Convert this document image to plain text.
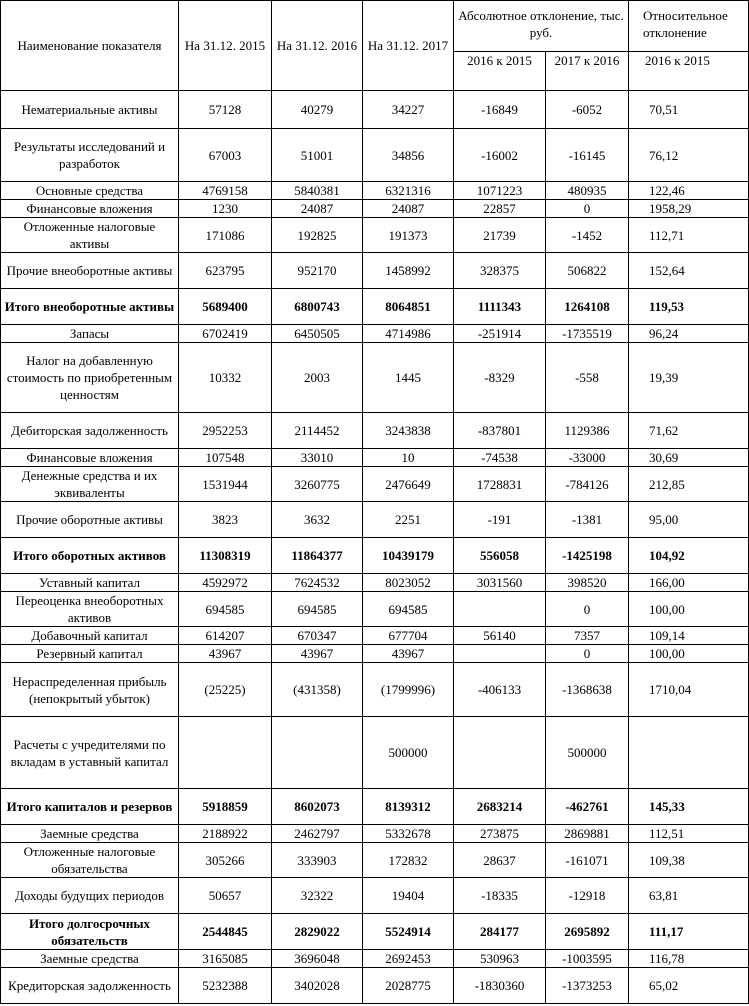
Наименование показателя	На 31.12. 2015	На 31.12. 2016	На 31.12. 2017	Абсолютное отклонение, тыс. руб.		Относительное отклонение
				2016 к 2015	2017 к 2016	2016 к 2015
Нематериальные активы	57128	40279	34227	-16849	-6052	70,51
Результаты исследований и разработок	67003	51001	34856	-16002	-16145	76,12
Основные средства	4769158	5840381	6321316	1071223	480935	122,46
Финансовые вложения	1230	24087	24087	22857	0	1958,29
Отложенные налоговые активы	171086	192825	191373	21739	-1452	112,71
Прочие внеоборотные активы	623795	952170	1458992	328375	506822	152,64
Итого внеоборотные активы	5689400	6800743	8064851	1111343	1264108	119,53
Запасы	6702419	6450505	4714986	-251914	-1735519	96,24
Налог на добавленную стоимость по приобретенным ценностям	10332	2003	1445	-8329	-558	19,39
Дебиторская задолженность	2952253	2114452	3243838	-837801	1129386	71,62
Финансовые вложения	107548	33010	10	-74538	-33000	30,69
Денежные средства и их эквиваленты	1531944	3260775	2476649	1728831	-784126	212,85
Прочие оборотные активы	3823	3632	2251	-191	-1381	95,00
Итого оборотных активов	11308319	11864377	10439179	556058	-1425198	104,92
Уставный капитал	4592972	7624532	8023052	3031560	398520	166,00
Переоценка внеоборотных активов	694585	694585	694585		0	100,00
Добавочный капитал	614207	670347	677704	56140	7357	109,14
Резервный капитал	43967	43967	43967		0	100,00
Нераспределенная прибыль (непокрытый убыток)	(25225)	(431358)	(1799996)	-406133	-1368638	1710,04
Расчеты с учредителями по вкладам в уставный капитал			500000		500000	
Итого капиталов и резервов	5918859	8602073	8139312	2683214	-462761	145,33
Заемные средства	2188922	2462797	5332678	273875	2869881	112,51
Отложенные налоговые обязательства	305266	333903	172832	28637	-161071	109,38
Доходы будущих периодов	50657	32322	19404	-18335	-12918	63,81
Итого долгосрочных обязательств	2544845	2829022	5524914	284177	2695892	111,17
Заемные средства	3165085	3696048	2692453	530963	-1003595	116,78
Кредиторская задолженность	5232388	3402028	2028775	-1830360	-1373253	65,02
